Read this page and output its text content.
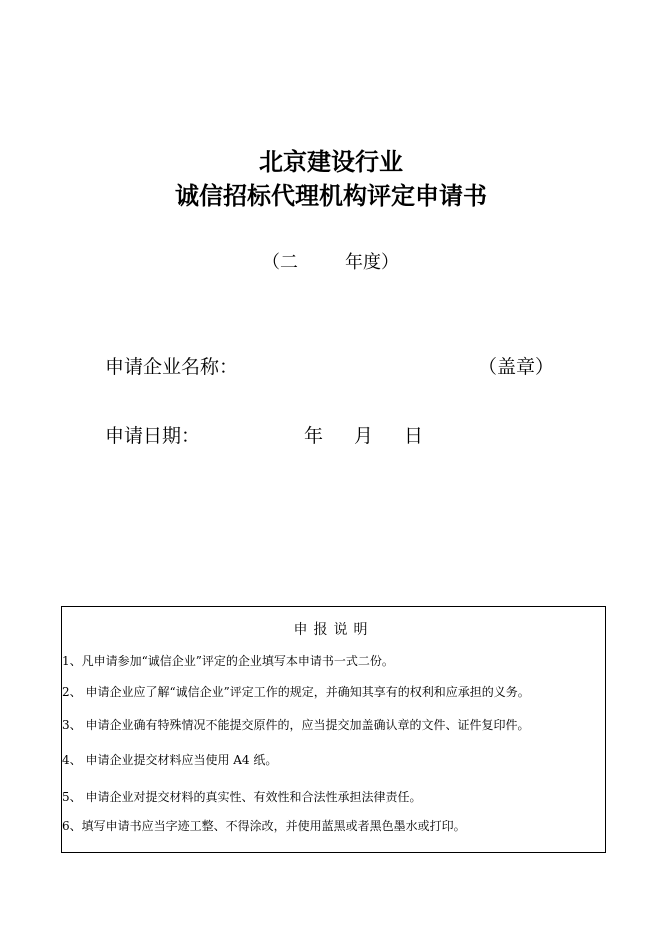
北京建设行业
诚信招标代理机构评定申请书
（二	年度）
申请企业名称：	（盖章）
申请日期：	年 月 日
申报说明
1、凡申请参加“诚信企业”评定的企业填写本申请书一式二份。
2、 申请企业应了解“诚信企业”评定工作的规定，并确知其享有的权利和应承担的义务。
3、 申请企业确有特殊情况不能提交原件的，应当提交加盖确认章的文件、证件复印件。
4、 申请企业提交材料应当使用 A4 纸。
5、 申请企业对提交材料的真实性、有效性和合法性承担法律责任。
6、填写申请书应当字迹工整、不得涂改，并使用蓝黑或者黑色墨水或打印。
